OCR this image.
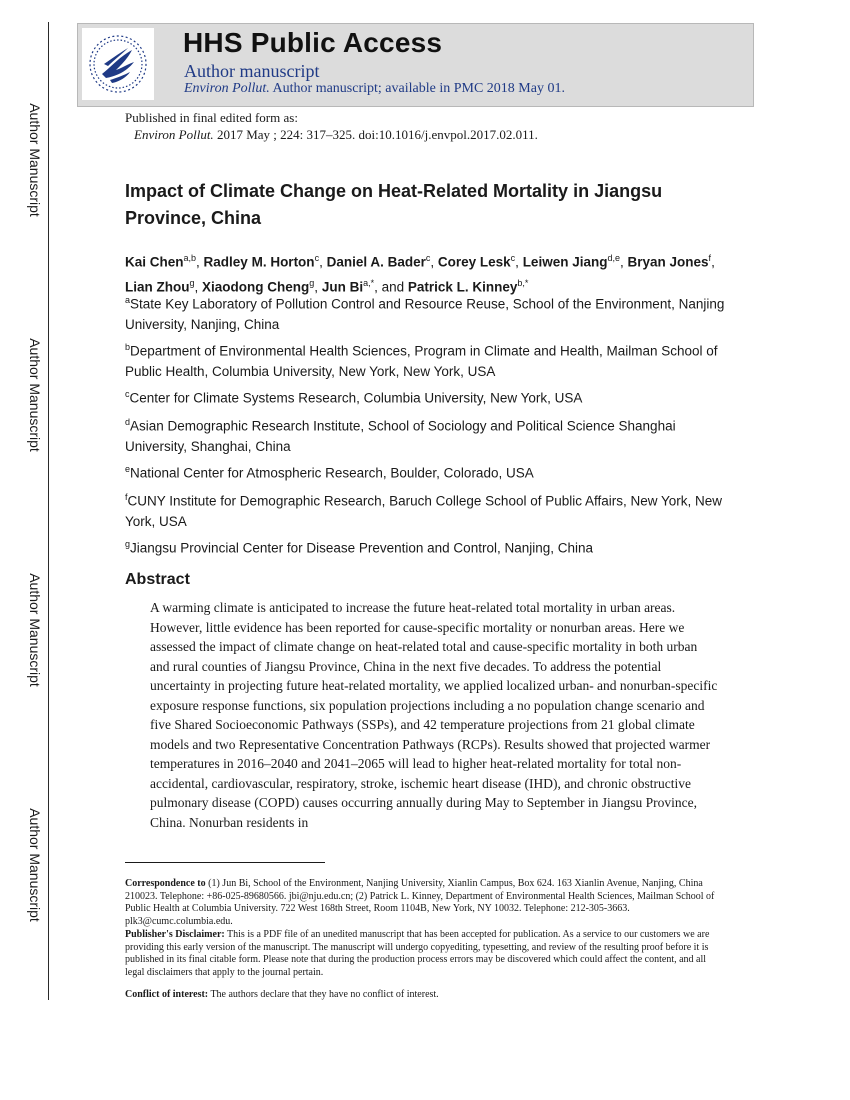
Author Manuscript
Author Manuscript
Author Manuscript
Author Manuscript
HHS Public Access
Author manuscript
Environ Pollut. Author manuscript; available in PMC 2018 May 01.
Published in final edited form as:
Environ Pollut. 2017 May ; 224: 317–325. doi:10.1016/j.envpol.2017.02.011.
Impact of Climate Change on Heat-Related Mortality in Jiangsu Province, China
Kai Chen$^{a,b}$, Radley M. Horton$^c$, Daniel A. Bader$^c$, Corey Lesk$^c$, Leiwen Jiang$^{d,e}$, Bryan Jones$^f$, Lian Zhou$^g$, Xiaodong Cheng$^g$, Jun $Bi^{a,*}$, and Patrick L. Kinney$^{b,*}$
$^a$State Key Laboratory of Pollution Control and Resource Reuse, School of the Environment, Nanjing University, Nanjing, China
$^b$Department of Environmental Health Sciences, Program in Climate and Health, Mailman School of Public Health, Columbia University, New York, New York, USA
$^c$Center for Climate Systems Research, Columbia University, New York, USA
$^d$Asian Demographic Research Institute, School of Sociology and Political Science Shanghai University, Shanghai, China
$^e$National Center for Atmospheric Research, Boulder, Colorado, USA
$^f$CUNY Institute for Demographic Research, Baruch College School of Public Affairs, New York, New York, USA
$^g$Jiangsu Provincial Center for Disease Prevention and Control, Nanjing, China
Abstract
A warming climate is anticipated to increase the future heat-related total mortality in urban areas. However, little evidence has been reported for cause-specific mortality or nonurban areas. Here we assessed the impact of climate change on heat-related total and cause-specific mortality in both urban and rural counties of Jiangsu Province, China in the next five decades. To address the potential uncertainty in projecting future heat-related mortality, we applied localized urban- and nonurban-specific exposure response functions, six population projections including a no population change scenario and five Shared Socioeconomic Pathways (SSPs), and 42 temperature projections from 21 global climate models and two Representative Concentration Pathways (RCPs). Results showed that projected warmer temperatures in 2016–2040 and 2041–2065 will lead to higher heat-related mortality for total non-accidental, cardiovascular, respiratory, stroke, ischemic heart disease (IHD), and chronic obstructive pulmonary disease (COPD) causes occurring annually during May to September in Jiangsu Province, China. Nonurban residents in
Correspondence to (1) Jun Bi, School of the Environment, Nanjing University, Xianlin Campus, Box 624. 163 Xianlin Avenue, Nanjing, China 210023. Telephone: +86-025-89680566. jbi@nju.edu.cn; (2) Patrick L. Kinney, Department of Environmental Health Sciences, Mailman School of Public Health at Columbia University. 722 West 168th Street, Room 1104B, New York, NY 10032. Telephone: 212-305-3663. plk3@cumc.columbia.edu.
Publisher's Disclaimer: This is a PDF file of an unedited manuscript that has been accepted for publication. As a service to our customers we are providing this early version of the manuscript. The manuscript will undergo copyediting, typesetting, and review of the resulting proof before it is published in its final citable form. Please note that during the production process errors may be discovered which could affect the content, and all legal disclaimers that apply to the journal pertain.
Conflict of interest: The authors declare that they have no conflict of interest.
